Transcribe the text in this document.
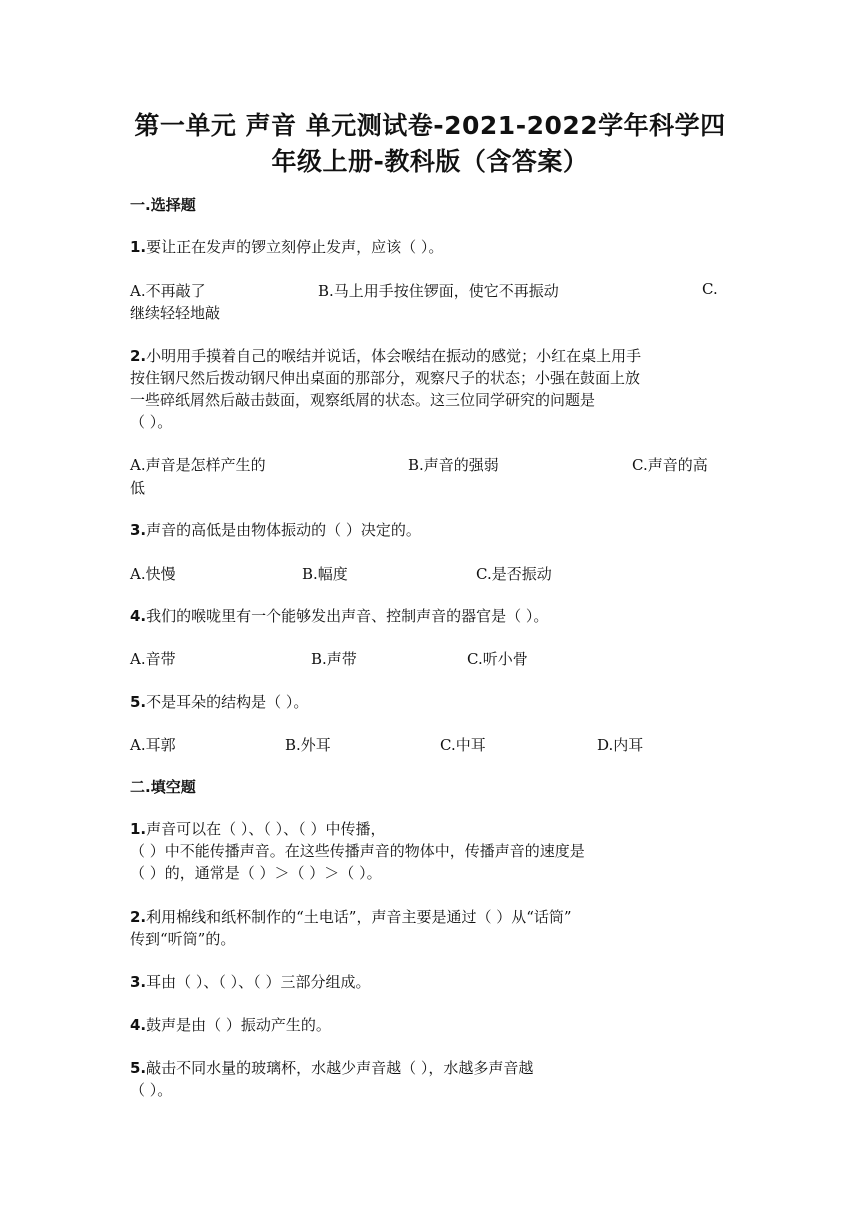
第一单元 声音 单元测试卷-2021-2022学年科学四
年级上册-教科版（含答案）
一.选择题
1.要让正在发声的锣立刻停止发声，应该（ ）。
A.不再敲了	B.马上用手按住锣面，使它不再振动	C.
继续轻轻地敲
2.小明用手摸着自己的喉结并说话，体会喉结在振动的感觉；小红在桌上用手
按住钢尺然后拨动钢尺伸出桌面的那部分，观察尺子的状态；小强在鼓面上放
一些碎纸屑然后敲击鼓面，观察纸屑的状态。这三位同学研究的问题是
（ ）。
A.声音是怎样产生的	B.声音的强弱	C.声音的高
低
3.声音的高低是由物体振动的（ ）决定的。
A.快慢	B.幅度	C.是否振动
4.我们的喉咙里有一个能够发出声音、控制声音的器官是（ ）。
A.音带	B.声带	C.听小骨
5.不是耳朵的结构是（ ）。
A.耳郭	B.外耳	C.中耳	D.内耳
二.填空题
1.声音可以在（ ）、（ ）、（ ）中传播，
（ ）中不能传播声音。在这些传播声音的物体中，传播声音的速度是
（ ）的，通常是（ ）＞（ ）＞（ ）。
2.利用棉线和纸杯制作的“土电话”，声音主要是通过（ ）从“话筒”
传到“听筒”的。
3.耳由（ ）、（ ）、（ ）三部分组成。
4.鼓声是由（ ）振动产生的。
5.敲击不同水量的玻璃杯，水越少声音越（ ），水越多声音越
（ ）。
